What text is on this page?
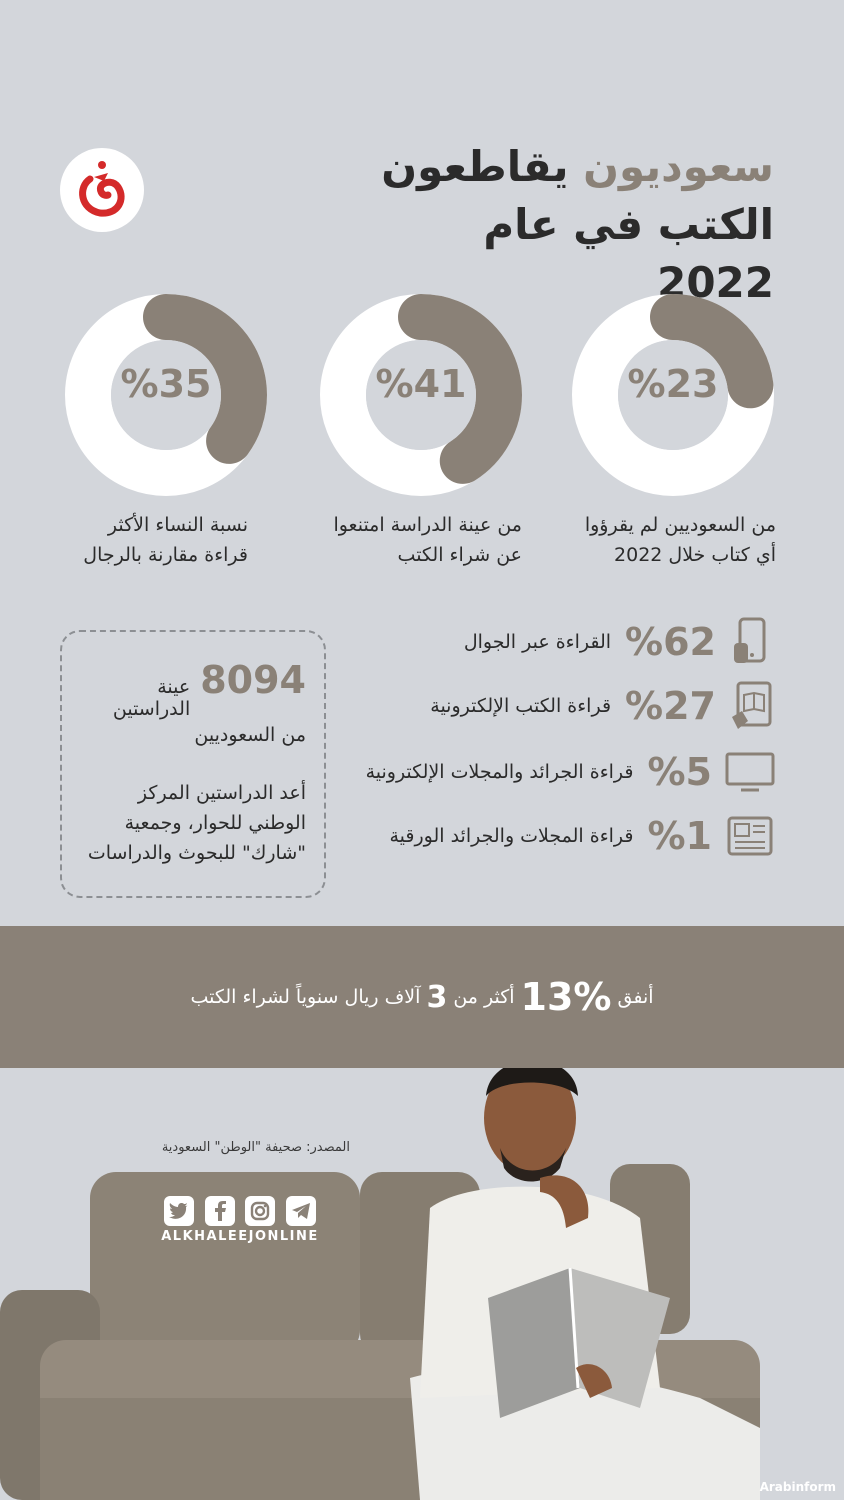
سعوديون يقاطعون
الكتب في عام 2022
%23
من السعوديين لم يقرؤوا
أي كتاب خلال 2022
%41
من عينة الدراسة امتنعوا
عن شراء الكتب
%35
نسبة النساء الأكثر
قراءة مقارنة بالرجال
%62
القراءة عبر الجوال
%27
قراءة الكتب الإلكترونية
%5
قراءة الجرائد والمجلات الإلكترونية
%1
قراءة المجلات والجرائد الورقية
8094
عينة الدراستين
من السعوديين
أعد الدراستين المركز
الوطني للحوار، وجمعية
"شارك" للبحوث والدراسات
أنفق
13%
أكثر من
3
آلاف ريال سنوياً لشراء الكتب
المصدر: صحيفة "الوطن" السعودية
ALKHALEEJONLINE
Arabinform
